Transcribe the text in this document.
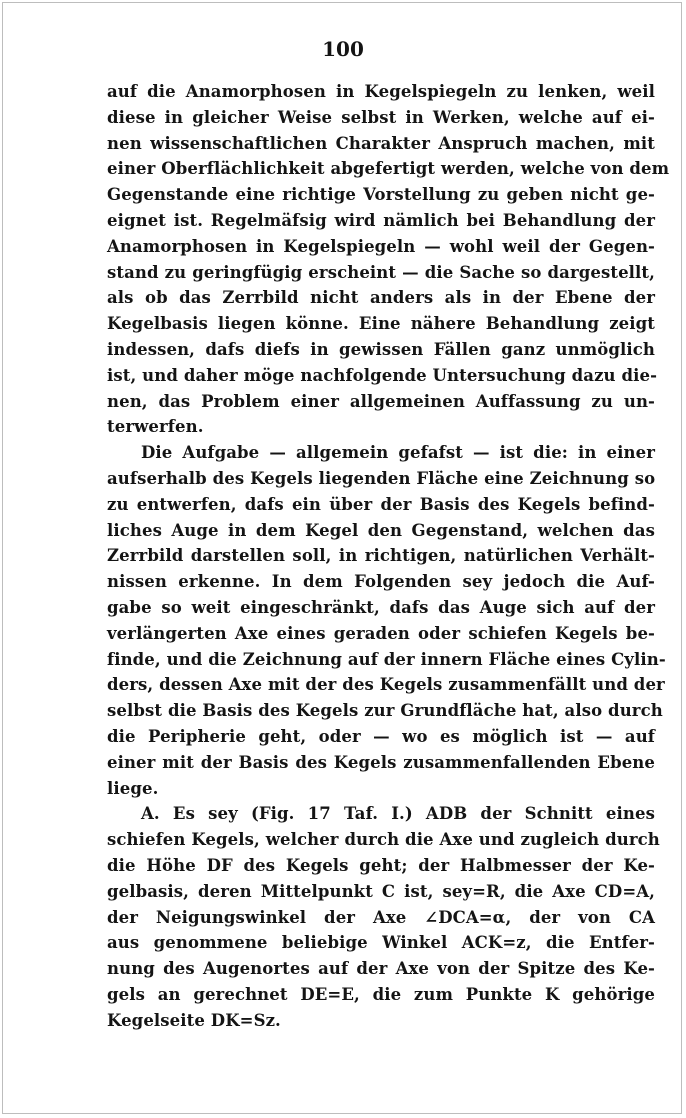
100
auf die Anamorphosen in Kegelspiegeln zu lenken, weil
diese in gleicher Weise selbst in Werken, welche auf ei-
nen wissenschaftlichen Charakter Anspruch machen, mit
einer Oberflächlichkeit abgefertigt werden, welche von dem
Gegenstande eine richtige Vorstellung zu geben nicht ge-
eignet ist. Regelmäfsig wird nämlich bei Behandlung der
Anamorphosen in Kegelspiegeln — wohl weil der Gegen-
stand zu geringfügig erscheint — die Sache so dargestellt,
als ob das Zerrbild nicht anders als in der Ebene der
Kegelbasis liegen könne. Eine nähere Behandlung zeigt
indessen, dafs diefs in gewissen Fällen ganz unmöglich
ist, und daher möge nachfolgende Untersuchung dazu die-
nen, das Problem einer allgemeinen Auffassung zu un-
terwerfen.
Die Aufgabe — allgemein gefafst — ist die: in einer
aufserhalb des Kegels liegenden Fläche eine Zeichnung so
zu entwerfen, dafs ein über der Basis des Kegels befind-
liches Auge in dem Kegel den Gegenstand, welchen das
Zerrbild darstellen soll, in richtigen, natürlichen Verhält-
nissen erkenne. In dem Folgenden sey jedoch die Auf-
gabe so weit eingeschränkt, dafs das Auge sich auf der
verlängerten Axe eines geraden oder schiefen Kegels be-
finde, und die Zeichnung auf der innern Fläche eines Cylin-
ders, dessen Axe mit der des Kegels zusammenfällt und der
selbst die Basis des Kegels zur Grundfläche hat, also durch
die Peripherie geht, oder — wo es möglich ist — auf
einer mit der Basis des Kegels zusammenfallenden Ebene
liege.
A. Es sey (Fig. 17 Taf. I.) ADB der Schnitt eines
schiefen Kegels, welcher durch die Axe und zugleich durch
die Höhe DF des Kegels geht; der Halbmesser der Ke-
gelbasis, deren Mittelpunkt C ist, sey=R, die Axe CD=A,
der Neigungswinkel der Axe ∠DCA=α, der von CA
aus genommene beliebige Winkel ACK=z, die Entfer-
nung des Augenortes auf der Axe von der Spitze des Ke-
gels an gerechnet DE=E, die zum Punkte K gehörige
Kegelseite DK=Sz.
